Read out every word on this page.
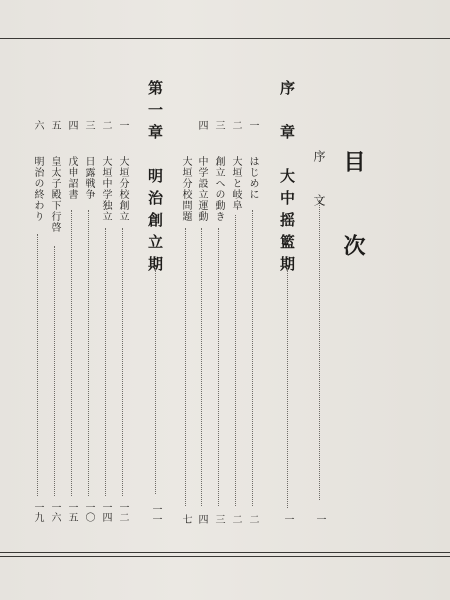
目　次
序　文
一
序　章　大中摇籃期
一
一
はじめに
二
二
大垣と岐阜
二
三
創立への動き
三
四
中学設立運動
四
大垣分校問題
七
第一章　明治創立期
一一
一
大垣分校創立
一二
二
大垣中学独立
一四
三
日露戦争
一〇
四
戊申詔書
一五
五
皇太子殿下行啓
一六
六
明治の終わり
一九
